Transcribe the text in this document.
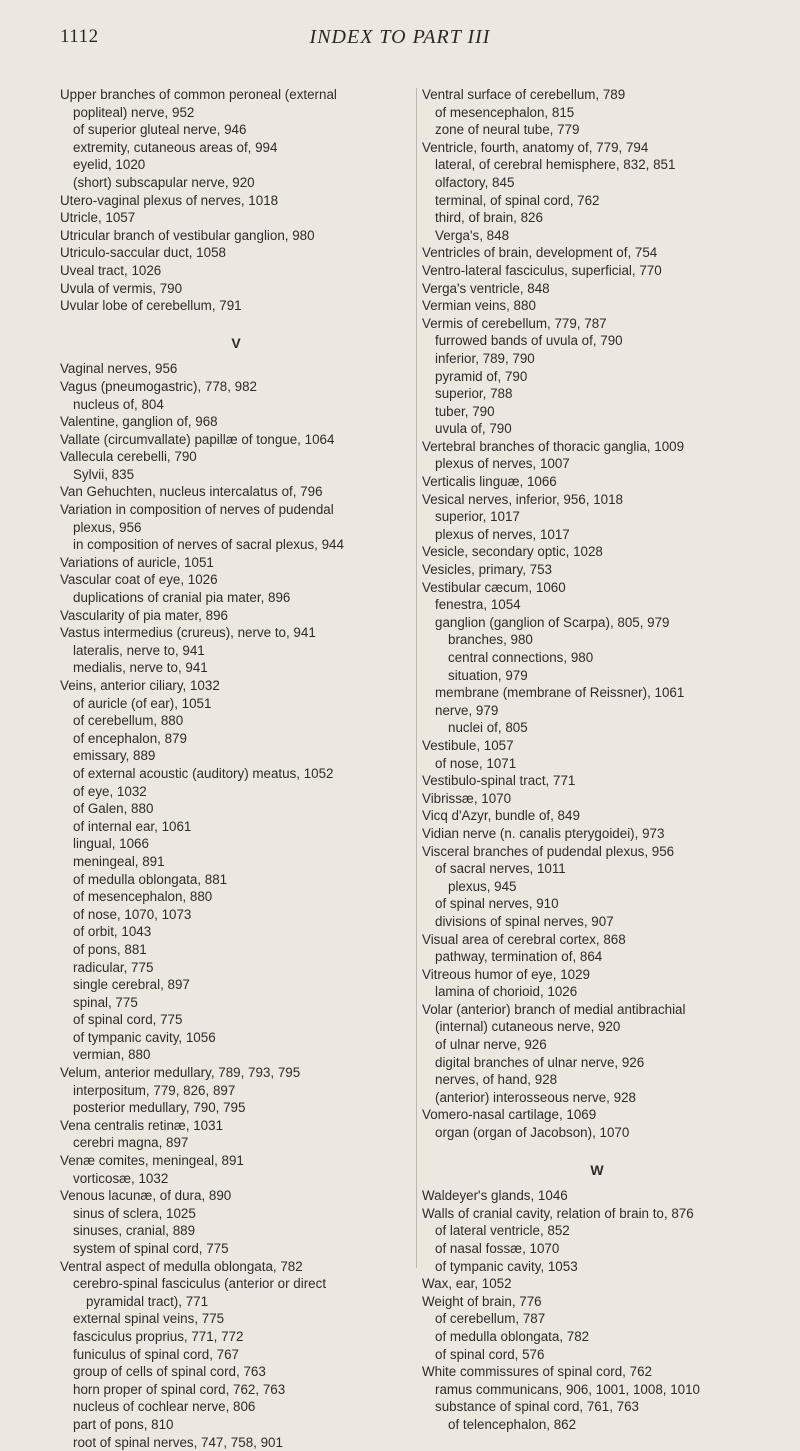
1112	INDEX TO PART III
Upper branches of common peroneal (external
popliteal) nerve, 952
of superior gluteal nerve, 946
extremity, cutaneous areas of, 994
eyelid, 1020
(short) subscapular nerve, 920
Utero-vaginal plexus of nerves, 1018
Utricle, 1057
Utricular branch of vestibular ganglion, 980
Utriculo-saccular duct, 1058
Uveal tract, 1026
Uvula of vermis, 790
Uvular lobe of cerebellum, 791
V
Vaginal nerves, 956
Vagus (pneumogastric), 778, 982
nucleus of, 804
Valentine, ganglion of, 968
Vallate (circumvallate) papillæ of tongue, 1064
Vallecula cerebelli, 790
Sylvii, 835
Van Gehuchten, nucleus intercalatus of, 796
Variation in composition of nerves of pudendal
plexus, 956
in composition of nerves of sacral plexus, 944
Variations of auricle, 1051
Vascular coat of eye, 1026
duplications of cranial pia mater, 896
Vascularity of pia mater, 896
Vastus intermedius (crureus), nerve to, 941
lateralis, nerve to, 941
medialis, nerve to, 941
Veins, anterior ciliary, 1032
of auricle (of ear), 1051
of cerebellum, 880
of encephalon, 879
emissary, 889
of external acoustic (auditory) meatus, 1052
of eye, 1032
of Galen, 880
of internal ear, 1061
lingual, 1066
meningeal, 891
of medulla oblongata, 881
of mesencephalon, 880
of nose, 1070, 1073
of orbit, 1043
of pons, 881
radicular, 775
single cerebral, 897
spinal, 775
of spinal cord, 775
of tympanic cavity, 1056
vermian, 880
Velum, anterior medullary, 789, 793, 795
interpositum, 779, 826, 897
posterior medullary, 790, 795
Vena centralis retinæ, 1031
cerebri magna, 897
Venæ comites, meningeal, 891
vorticosæ, 1032
Venous lacunæ, of dura, 890
sinus of sclera, 1025
sinuses, cranial, 889
system of spinal cord, 775
Ventral aspect of medulla oblongata, 782
cerebro-spinal fasciculus (anterior or direct
pyramidal tract), 771
external spinal veins, 775
fasciculus proprius, 771, 772
funiculus of spinal cord, 767
group of cells of spinal cord, 763
horn proper of spinal cord, 762, 763
nucleus of cochlear nerve, 806
part of pons, 810
root of spinal nerves, 747, 758, 901
Ventral surface of cerebellum, 789
of mesencephalon, 815
zone of neural tube, 779
Ventricle, fourth, anatomy of, 779, 794
lateral, of cerebral hemisphere, 832, 851
olfactory, 845
terminal, of spinal cord, 762
third, of brain, 826
Verga's, 848
Ventricles of brain, development of, 754
Ventro-lateral fasciculus, superficial, 770
Verga's ventricle, 848
Vermian veins, 880
Vermis of cerebellum, 779, 787
furrowed bands of uvula of, 790
inferior, 789, 790
pyramid of, 790
superior, 788
tuber, 790
uvula of, 790
Vertebral branches of thoracic ganglia, 1009
plexus of nerves, 1007
Verticalis linguæ, 1066
Vesical nerves, inferior, 956, 1018
superior, 1017
plexus of nerves, 1017
Vesicle, secondary optic, 1028
Vesicles, primary, 753
Vestibular cæcum, 1060
fenestra, 1054
ganglion (ganglion of Scarpa), 805, 979
branches, 980
central connections, 980
situation, 979
membrane (membrane of Reissner), 1061
nerve, 979
nuclei of, 805
Vestibule, 1057
of nose, 1071
Vestibulo-spinal tract, 771
Vibrissæ, 1070
Vicq d'Azyr, bundle of, 849
Vidian nerve (n. canalis pterygoidei), 973
Visceral branches of pudendal plexus, 956
of sacral nerves, 1011
plexus, 945
of spinal nerves, 910
divisions of spinal nerves, 907
Visual area of cerebral cortex, 868
pathway, termination of, 864
Vitreous humor of eye, 1029
lamina of chorioid, 1026
Volar (anterior) branch of medial antibrachial
(internal) cutaneous nerve, 920
of ulnar nerve, 926
digital branches of ulnar nerve, 926
nerves, of hand, 928
(anterior) interosseous nerve, 928
Vomero-nasal cartilage, 1069
organ (organ of Jacobson), 1070
W
Waldeyer's glands, 1046
Walls of cranial cavity, relation of brain to, 876
of lateral ventricle, 852
of nasal fossæ, 1070
of tympanic cavity, 1053
Wax, ear, 1052
Weight of brain, 776
of cerebellum, 787
of medulla oblongata, 782
of spinal cord, 576
White commissures of spinal cord, 762
ramus communicans, 906, 1001, 1008, 1010
substance of spinal cord, 761, 763
of telencephalon, 862
